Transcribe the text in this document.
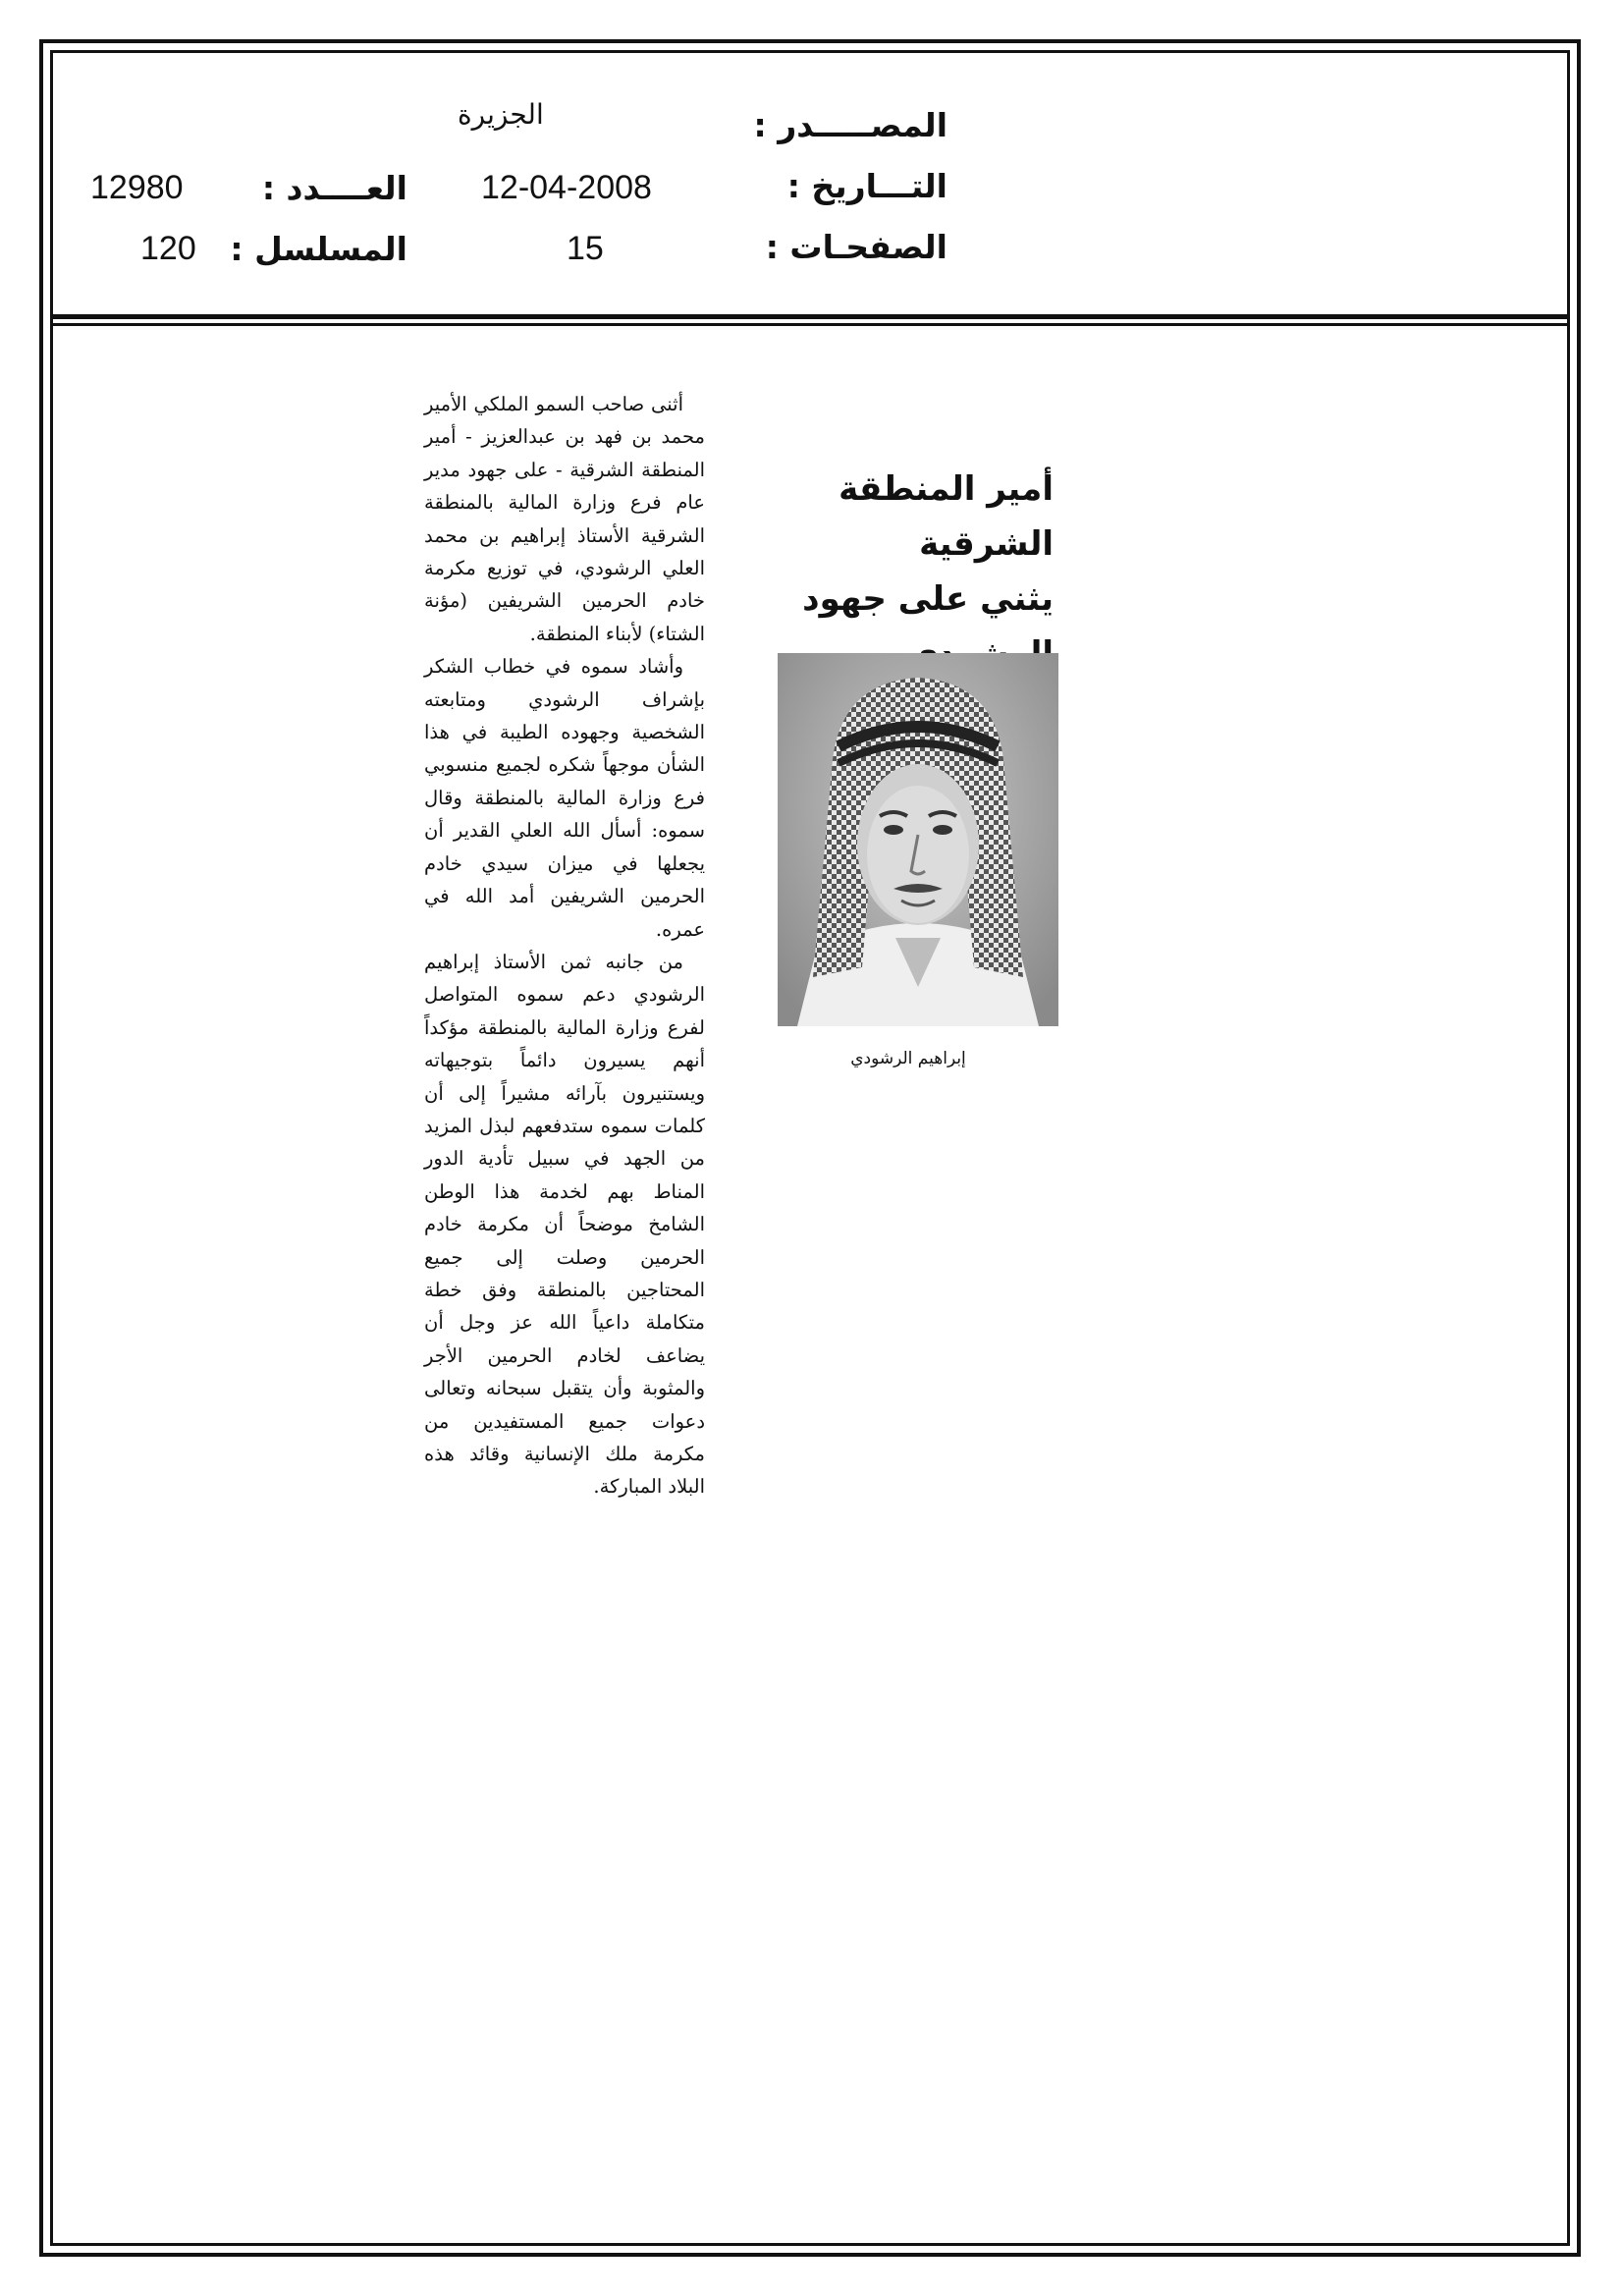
المصـــــدر :
الجزيرة
التـــاريخ :
12-04-2008
العــــدد :
12980
الصفحـات :
15
المسلسل :
120
أمير المنطقة الشرقية
يثني على جهود
إبراهيم الرشودي

أثنى صاحب السمو الملكي الأمير محمد بن فهد بن عبدالعزيز - أمير المنطقة الشرقية - على جهود مدير عام فرع وزارة المالية بالمنطقة الشرقية الأستاذ إبراهيم بن محمد العلي الرشودي، في توزيع مكرمة خادم الحرمين الشريفين (مؤنة الشتاء) لأبناء المنطقة.

وأشاد سموه في خطاب الشكر بإشراف الرشودي ومتابعته الشخصية وجهوده الطيبة في هذا الشأن موجهاً شكره لجميع منسوبي فرع وزارة المالية بالمنطقة وقال سموه: أسأل الله العلي القدير أن يجعلها في ميزان سيدي خادم الحرمين الشريفين أمد الله في عمره.

من جانبه ثمن الأستاذ إبراهيم الرشودي دعم سموه المتواصل لفرع وزارة المالية بالمنطقة مؤكداً أنهم يسيرون دائماً بتوجيهاته ويستنيرون بآرائه مشيراً إلى أن كلمات سموه ستدفعهم لبذل المزيد من الجهد في سبيل تأدية الدور المناط بهم لخدمة هذا الوطن الشامخ موضحاً أن مكرمة خادم الحرمين وصلت إلى جميع المحتاجين بالمنطقة وفق خطة متكاملة داعياً الله عز وجل أن يضاعف لخادم الحرمين الأجر والمثوبة وأن يتقبل سبحانه وتعالى دعوات جميع المستفيدين من مكرمة ملك الإنسانية وقائد هذه البلاد المباركة.
